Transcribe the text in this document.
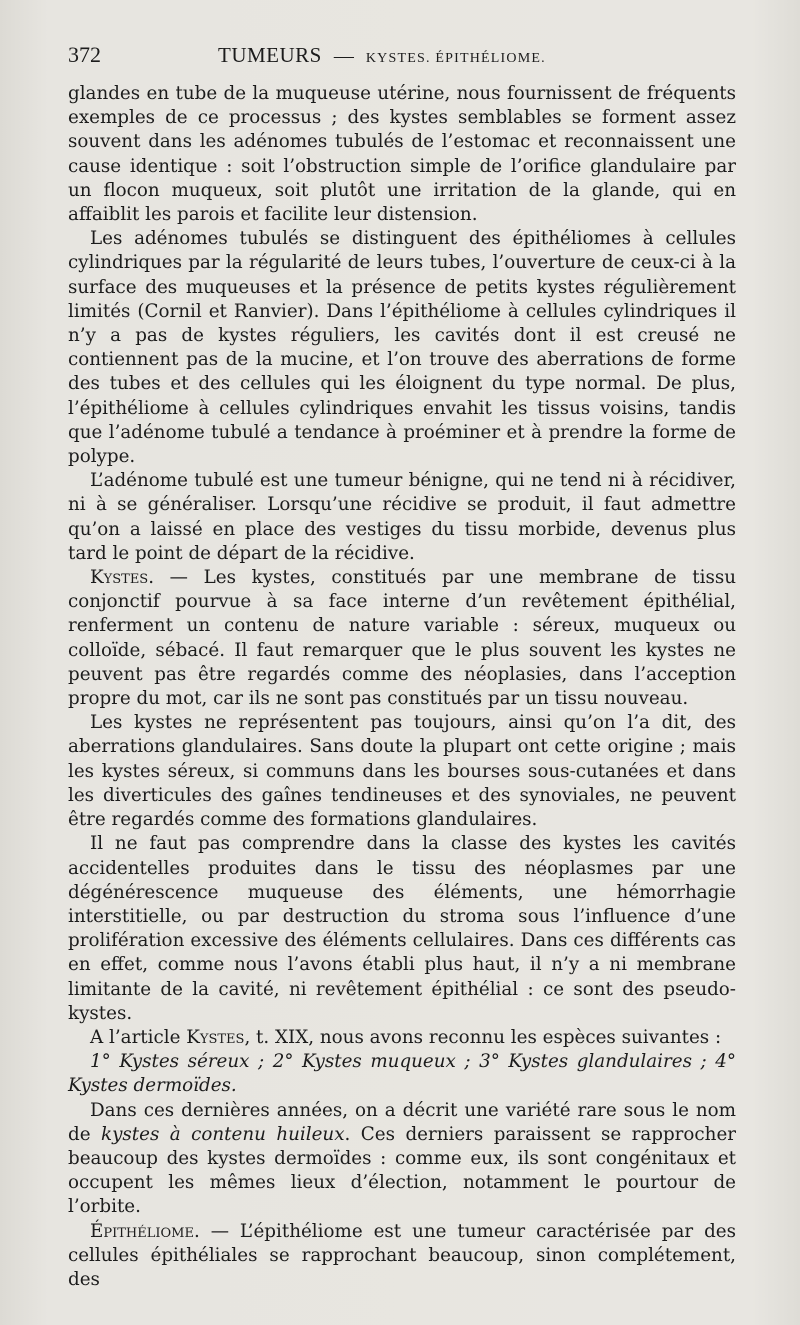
372	TUMEURS — KYSTES. ÉPITHÉLIOME.

glandes en tube de la muqueuse utérine, nous fournissent de fréquents exemples de ce processus ; des kystes semblables se forment assez souvent dans les adénomes tubulés de l’estomac et reconnaissent une cause identique : soit l’obstruction simple de l’orifice glandulaire par un flocon muqueux, soit plutôt une irritation de la glande, qui en affaiblit les parois et facilite leur distension.

Les adénomes tubulés se distinguent des épithéliomes à cellules cylindriques par la régularité de leurs tubes, l’ouverture de ceux-ci à la surface des muqueuses et la présence de petits kystes régulièrement limités (Cornil et Ranvier). Dans l’épithéliome à cellules cylindriques il n’y a pas de kystes réguliers, les cavités dont il est creusé ne contiennent pas de la mucine, et l’on trouve des aberrations de forme des tubes et des cellules qui les éloignent du type normal. De plus, l’épithéliome à cellules cylindriques envahit les tissus voisins, tandis que l’adénome tubulé a tendance à proéminer et à prendre la forme de polype.

L’adénome tubulé est une tumeur bénigne, qui ne tend ni à récidiver, ni à se généraliser. Lorsqu’une récidive se produit, il faut admettre qu’on a laissé en place des vestiges du tissu morbide, devenus plus tard le point de départ de la récidive.

Kystes. — Les kystes, constitués par une membrane de tissu conjonctif pourvue à sa face interne d’un revêtement épithélial, renferment un contenu de nature variable : séreux, muqueux ou colloïde, sébacé. Il faut remarquer que le plus souvent les kystes ne peuvent pas être regardés comme des néoplasies, dans l’acception propre du mot, car ils ne sont pas constitués par un tissu nouveau.

Les kystes ne représentent pas toujours, ainsi qu’on l’a dit, des aberrations glandulaires. Sans doute la plupart ont cette origine ; mais les kystes séreux, si communs dans les bourses sous-cutanées et dans les diverticules des gaînes tendineuses et des synoviales, ne peuvent être regardés comme des formations glandulaires.

Il ne faut pas comprendre dans la classe des kystes les cavités accidentelles produites dans le tissu des néoplasmes par une dégénérescence muqueuse des éléments, une hémorrhagie interstitielle, ou par destruction du stroma sous l’influence d’une prolifération excessive des éléments cellulaires. Dans ces différents cas en effet, comme nous l’avons établi plus haut, il n’y a ni membrane limitante de la cavité, ni revêtement épithélial : ce sont des pseudo-kystes.

A l’article Kystes, t. XIX, nous avons reconnu les espèces suivantes :

1° Kystes séreux ; 2° Kystes muqueux ; 3° Kystes glandulaires ; 4° Kystes dermoïdes.

Dans ces dernières années, on a décrit une variété rare sous le nom de kystes à contenu huileux. Ces derniers paraissent se rapprocher beaucoup des kystes dermoïdes : comme eux, ils sont congénitaux et occupent les mêmes lieux d’élection, notamment le pourtour de l’orbite.

Épithéliome. — L’épithéliome est une tumeur caractérisée par des cellules épithéliales se rapprochant beaucoup, sinon complétement, des
